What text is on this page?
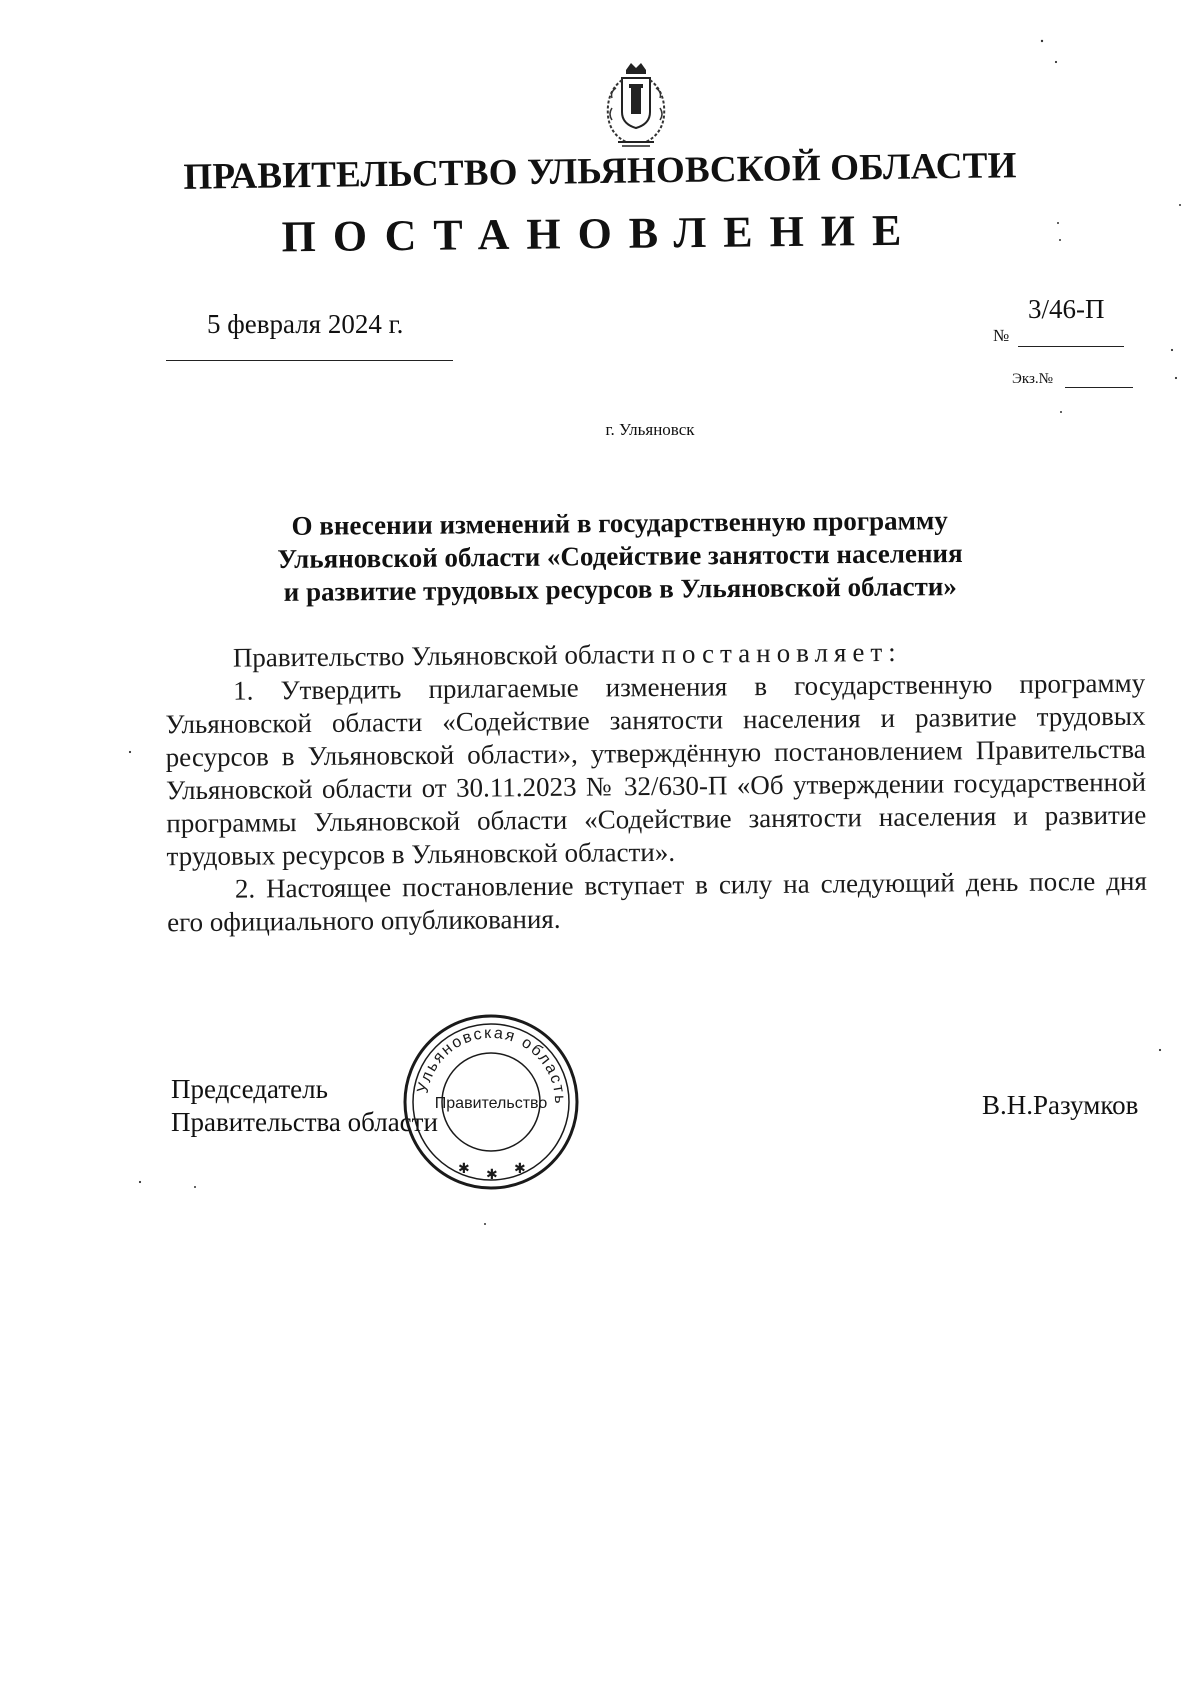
ПРАВИТЕЛЬСТВО УЛЬЯНОВСКОЙ ОБЛАСТИ
ПОСТАНОВЛЕНИЕ
5 февраля 2024 г.	3/46-П
№
Экз.№
г. Ульяновск
О внесении изменений в государственную программу
Ульяновской области «Содействие занятости населения
и развитие трудовых ресурсов в Ульяновской области»
Правительство Ульяновской области постановляет:
1. Утвердить прилагаемые изменения в государственную программу Ульяновской области «Содействие занятости населения и развитие трудовых ресурсов в Ульяновской области», утверждённую постановлением Правительства Ульяновской области от 30.11.2023 № 32/630-П «Об утверждении государственной программы Ульяновской области «Содействие занятости населения и развитие трудовых ресурсов в Ульяновской области».
2. Настоящее постановление вступает в силу на следующий день после дня его официального опубликования.
Председатель
Правительства области
В.Н.Разумков
Ульяновская область
Правительство
✱ ✱ ✱
